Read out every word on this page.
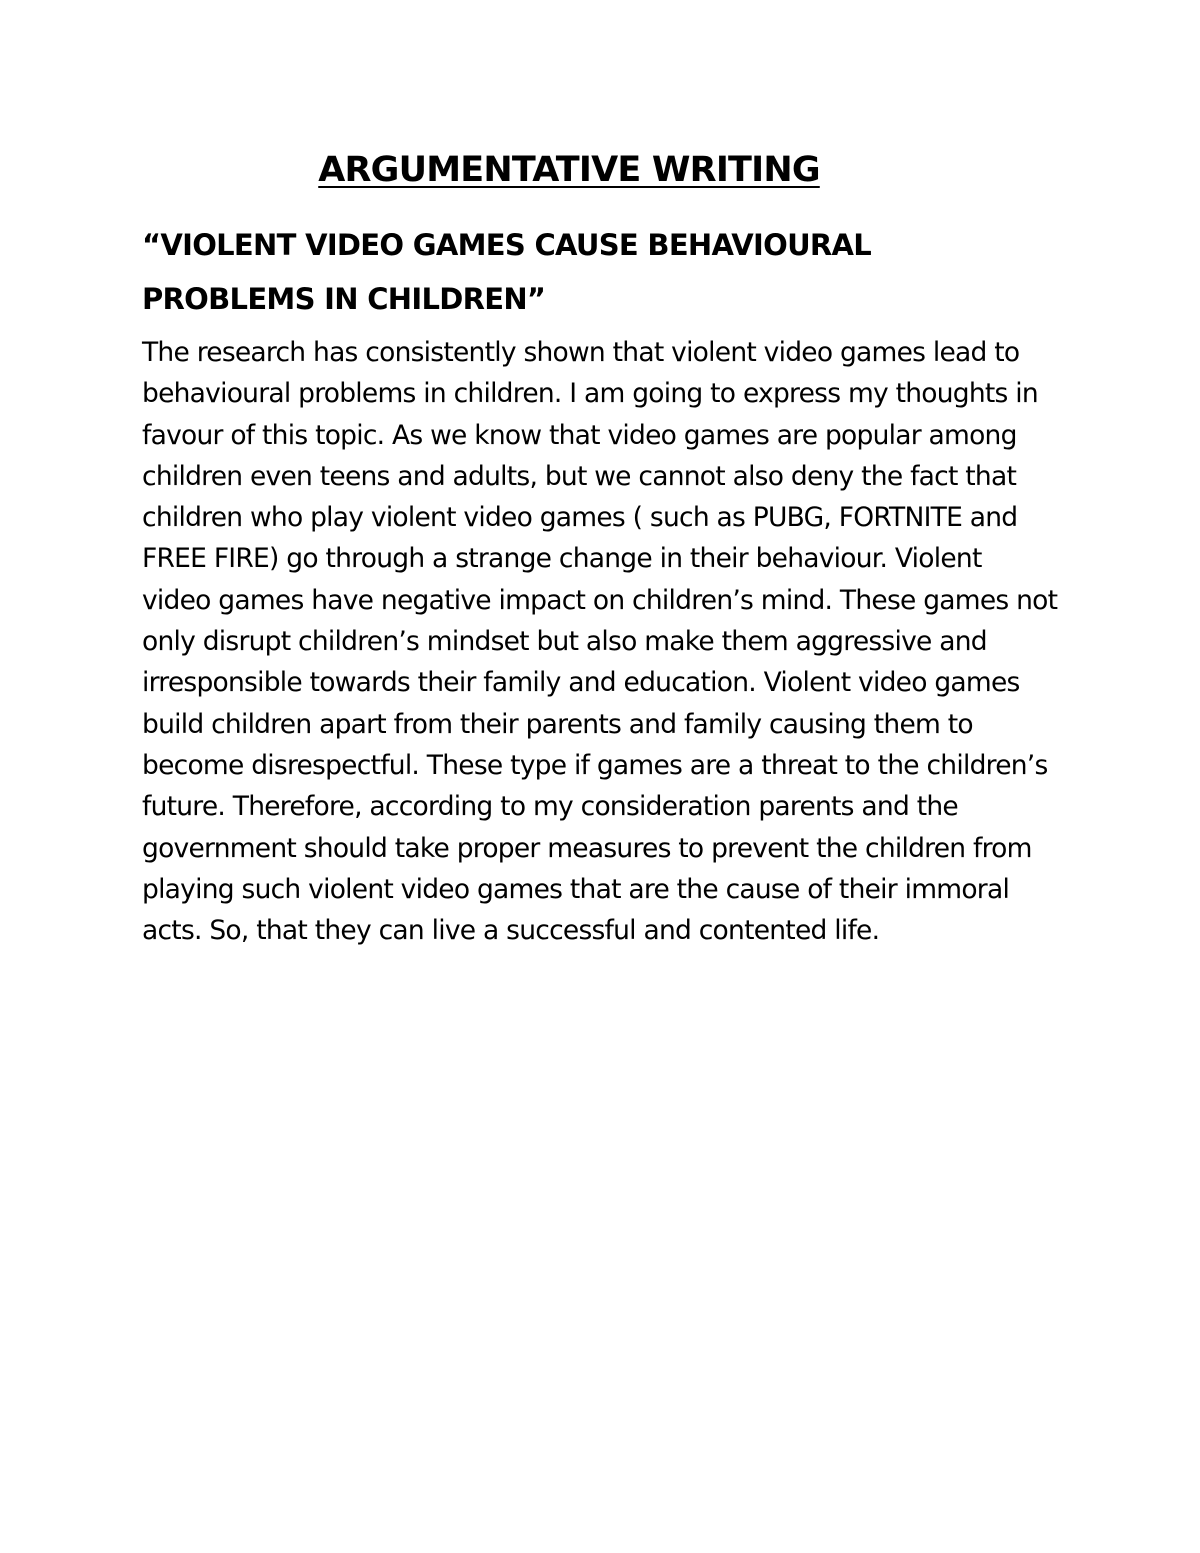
ARGUMENTATIVE WRITING
“VIOLENT VIDEO GAMES CAUSE BEHAVIOURAL
PROBLEMS IN CHILDREN”

The research has consistently shown that violent video games lead to
behavioural problems in children. I am going to express my thoughts in
favour of this topic. As we know that video games are popular among
children even teens and adults, but we cannot also deny the fact that
children who play violent video games ( such as PUBG, FORTNITE and
FREE FIRE) go through a strange change in their behaviour. Violent
video games have negative impact on children’s mind. These games not
only disrupt children’s mindset but also make them aggressive and
irresponsible towards their family and education. Violent video games
build children apart from their parents and family causing them to
become disrespectful. These type if games are a threat to the children’s
future. Therefore, according to my consideration parents and the
government should take proper measures to prevent the children from
playing such violent video games that are the cause of their immoral
acts. So, that they can live a successful and contented life.
